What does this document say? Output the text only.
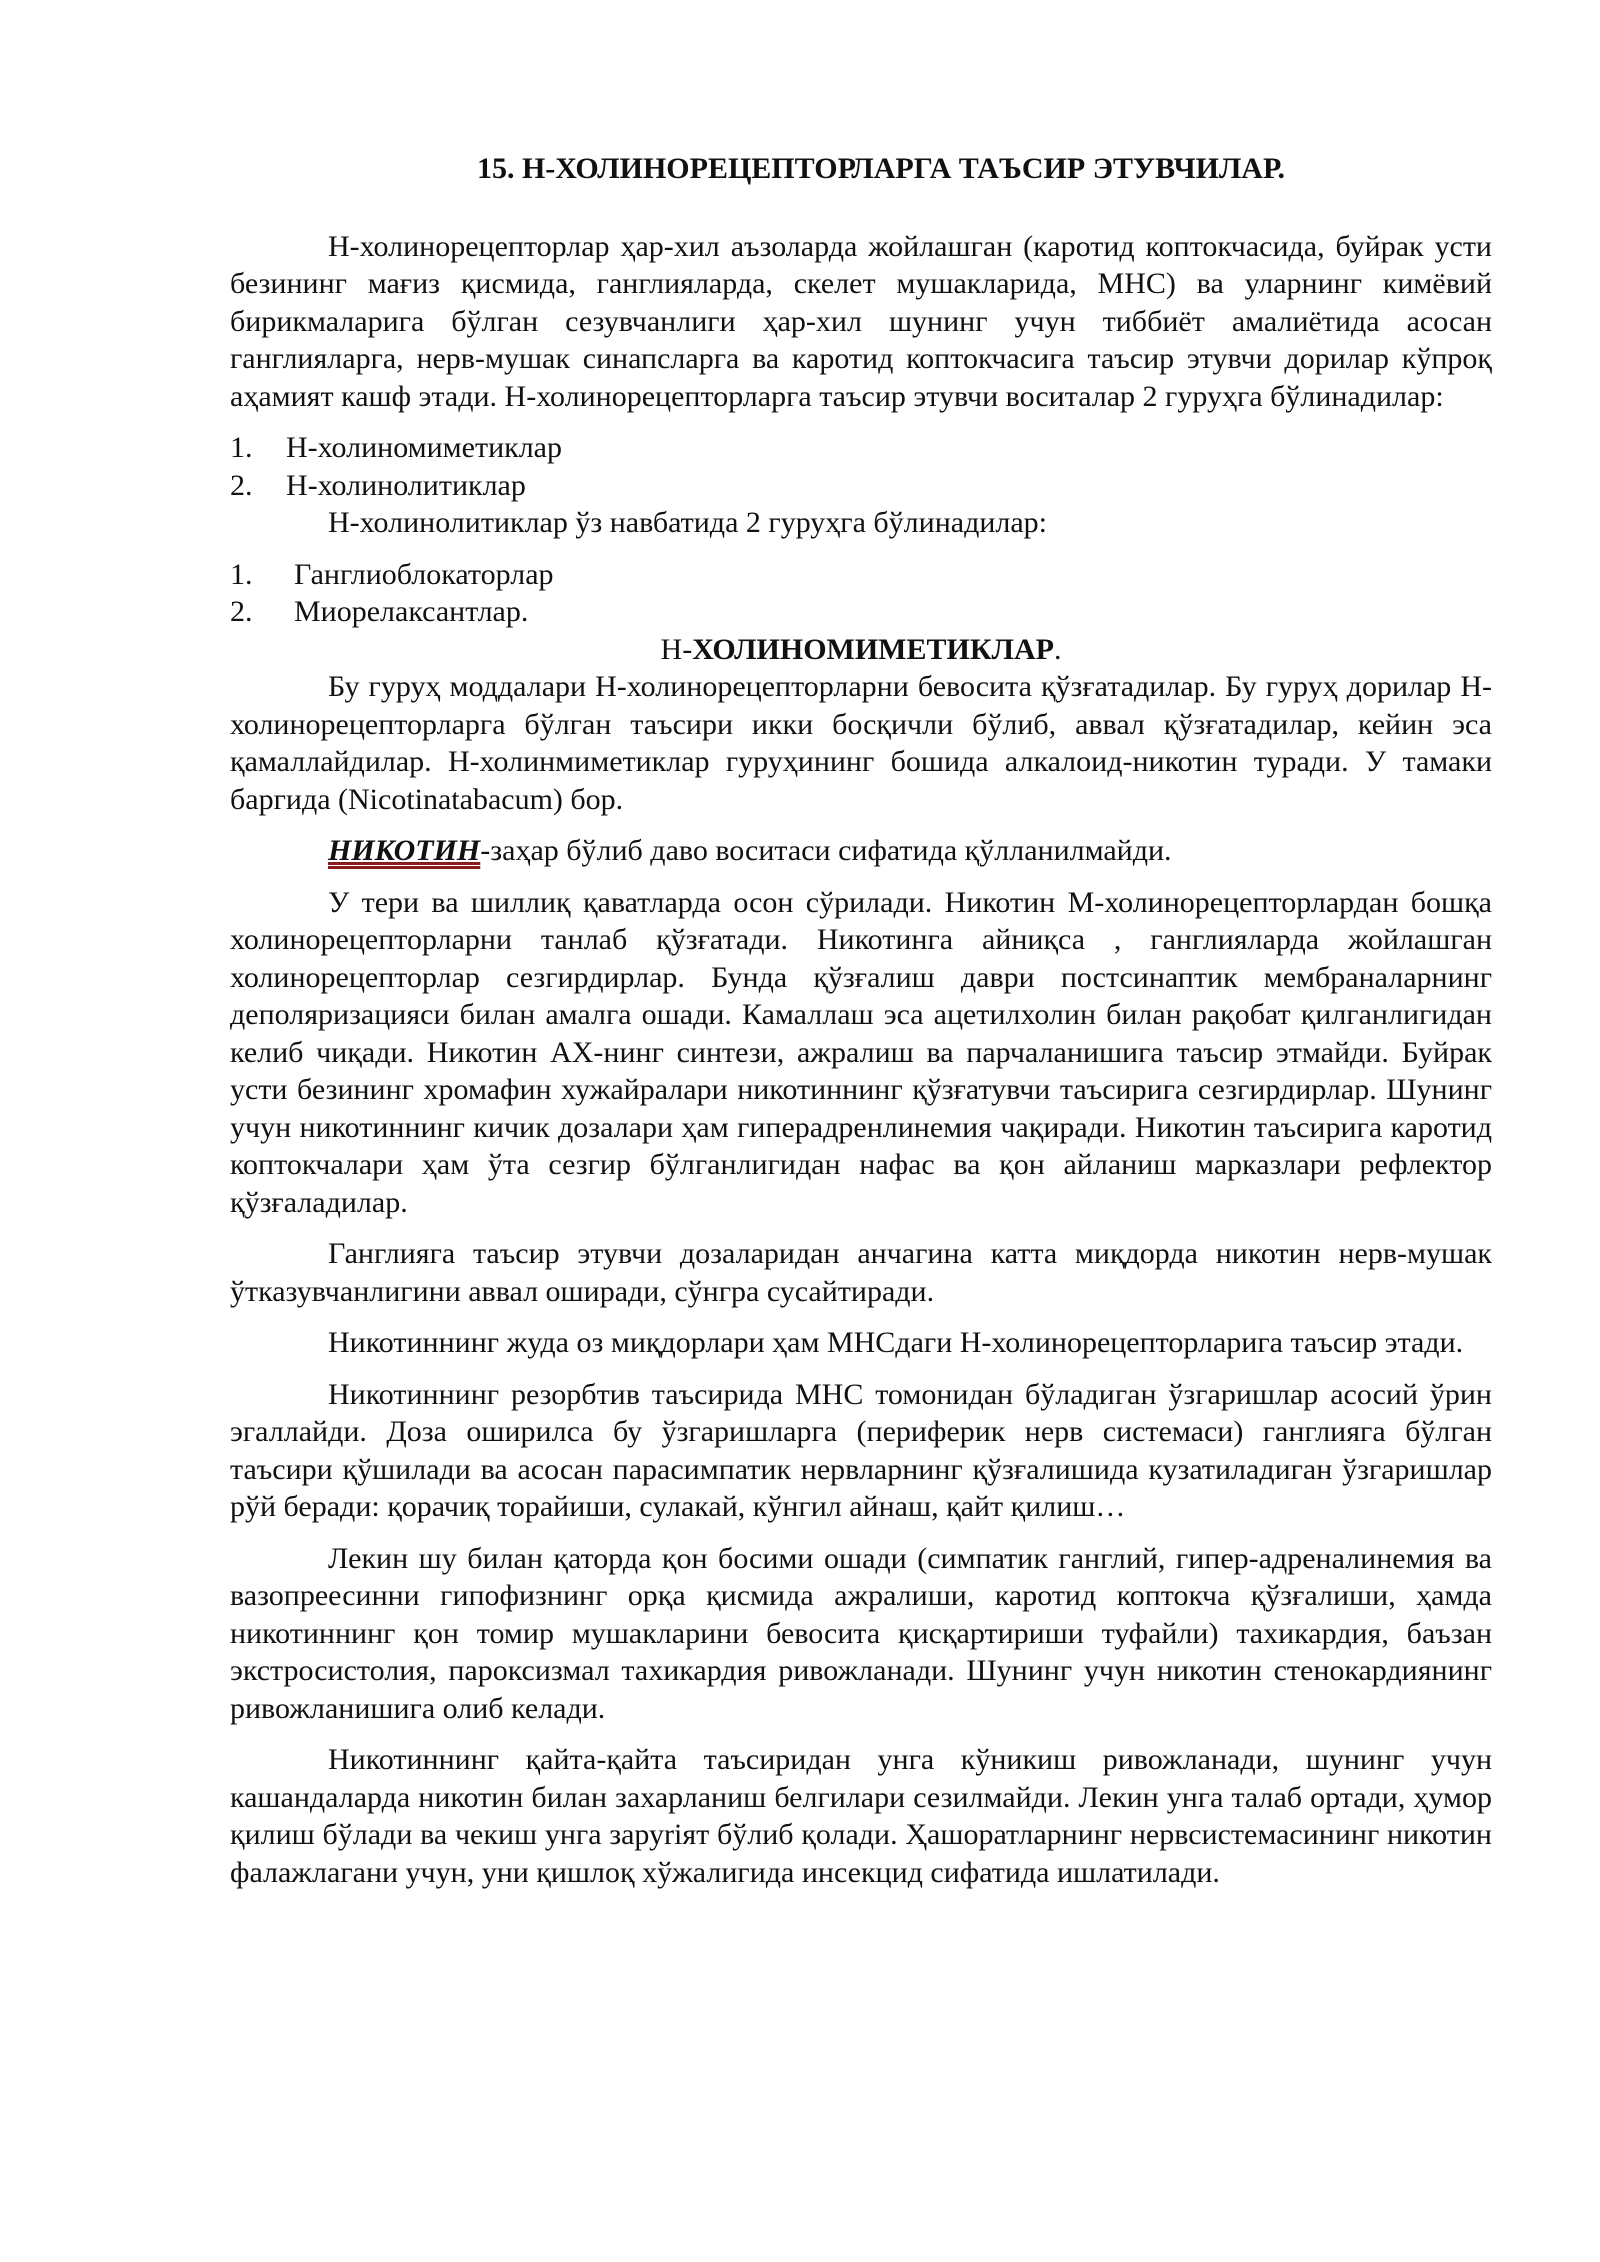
15. Н-ХОЛИНОРЕЦЕПТОРЛАРГА ТАЪСИР ЭТУВЧИЛАР.

Н-холинорецепторлар ҳар-хил аъзоларда жойлашган (каротид коптокчасида, буйрак усти безининг мағиз қисмида, ганглияларда, скелет мушакларида, МНС) ва уларнинг кимёвий бирикмаларига бўлган сезувчанлиги ҳар-хил шунинг учун тиббиёт амалиётида асосан ганглияларга, нерв-мушак синапсларга ва каротид коптокчасига таъсир этувчи дорилар кўпроқ аҳамият кашф этади. Н-холинорецепторларга таъсир этувчи воситалар 2 гуруҳга бўлинадилар:

1.	Н-холиномиметиклар
2.	Н-холинолитиклар

Н-холинолитиклар ўз навбатида 2 гуруҳга бўлинадилар:

1.	Ганглиоблокаторлар
2.	Миорелаксантлар.

Н-ХОЛИНОМИМЕТИКЛАР.

Бу гуруҳ моддалари Н-холинорецепторларни бевосита қўзғатадилар. Бу гуруҳ дорилар Н-холинорецепторларга бўлган таъсири икки босқичли бўлиб, аввал қўзғатадилар, кейин эса қамаллайдилар. Н-холинмиметиклар гуруҳининг бошида алкалоид-никотин туради. У тамаки баргида (Nicotinatabacum) бор.

НИКОТИН-заҳар бўлиб даво воситаси сифатида қўлланилмайди.

У тери ва шиллиқ қаватларда осон сўрилади. Никотин М-холинорецепторлардан бошқа холинорецепторларни танлаб қўзғатади. Никотинга айниқса , ганглияларда жойлашган холинорецепторлар сезгирдирлар. Бунда қўзғалиш даври постсинаптик мембраналарнинг деполяризацияси билан амалга ошади. Камаллаш эса ацетилхолин билан рақобат қилганлигидан келиб чиқади. Никотин АХ-нинг синтези, ажралиш ва парчаланишига таъсир этмайди. Буйрак усти безининг хромафин хужайралари никотиннинг қўзғатувчи таъсирига сезгирдирлар. Шунинг учун никотиннинг кичик дозалари ҳам гиперадренлинемия чақиради. Никотин таъсирига каротид коптокчалари ҳам ўта сезгир бўлганлигидан нафас ва қон айланиш марказлари рефлектор қўзғаладилар.

Ганглияга таъсир этувчи дозаларидан анчагина катта миқдорда никотин нерв-мушак ўтказувчанлигини аввал оширади, сўнгра сусайтиради.

Никотиннинг жуда оз миқдорлари ҳам МНСдаги Н-холинорецепторларига таъсир этади.

Никотиннинг резорбтив таъсирида МНС томонидан бўладиган ўзгаришлар асосий ўрин эгаллайди. Доза оширилса бу ўзгаришларга (периферик нерв системаси) ганглияга бўлган таъсири қўшилади ва асосан парасимпатик нервларнинг қўзғалишида кузатиладиган ўзгаришлар рўй беради: қорачиқ торайиши, сулакай, кўнгил айнаш, қайт қилиш…

Лекин шу билан қаторда қон босими ошади (симпатик ганглий, гипер-адреналинемия ва вазопреесинни гипофизнинг орқа қисмида ажралиши, каротид коптокча қўзғалиши, ҳамда никотиннинг қон томир мушакларини бевосита қисқартириши туфайли) тахикардия, баъзан экстросистолия, пароксизмал тахикардия ривожланади. Шунинг учун никотин стенокардиянинг ривожланишига олиб келади.

Никотиннинг қайта-қайта таъсиридан унга кўникиш ривожланади, шунинг учун кашандаларда никотин билан захарланиш белгилари сезилмайди. Лекин унга талаб ортади, ҳумор қилиш бўлади ва чекиш унга заруriят бўлиб қолади. Ҳашоратларнинг нервсистемасининг никотин фалажлагани учун, уни қишлоқ хўжалигида инсекцид сифатида ишлатилади.
